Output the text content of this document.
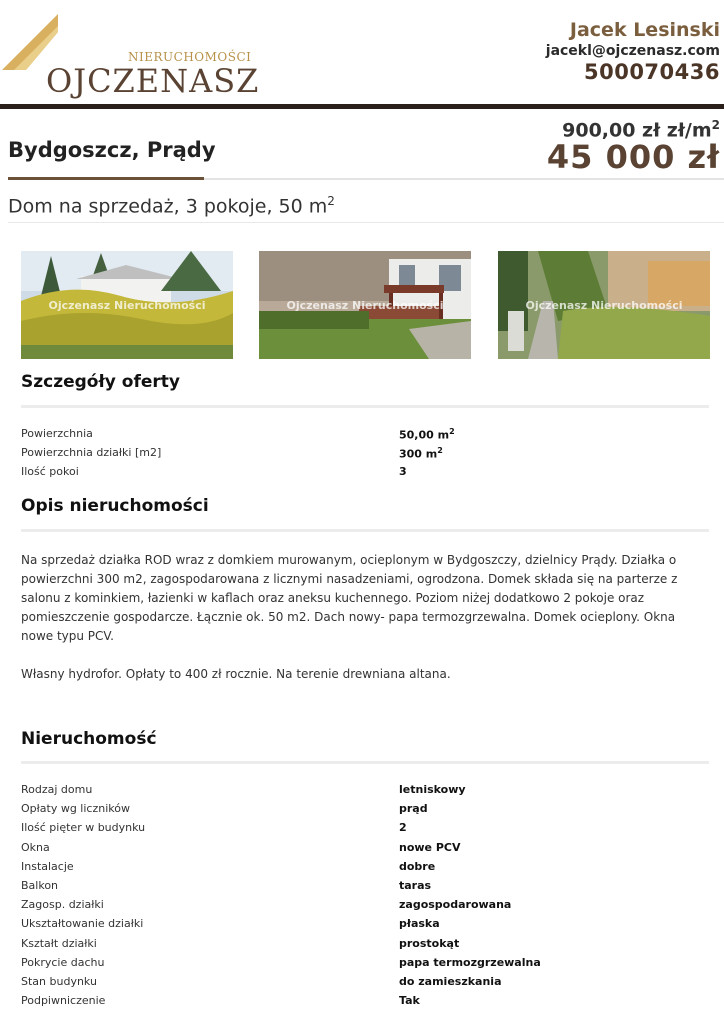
NIERUCHOMOŚCI
OJCZENASZ
Jacek Lesinski
jacekl@ojczenasz.com
500070436
Bydgoszcz, Prądy
900,00 zł $zł/m^2$
45 000 zł
Dom na sprzedaż, 3 pokoje, 50 $m^2$
Ojczenasz Nieruchomości	Ojczenasz Nieruchomości	Ojczenasz Nieruchomości
Szczegóły oferty
Powierzchnia	50,00 $m^2$
Powierzchnia działki [m2]	300 $m^2$
Ilość pokoi	3
Opis nieruchomości

Na sprzedaż działka ROD wraz z domkiem murowanym, ocieplonym w Bydgoszczy, dzielnicy Prądy. Działka o powierzchni 300 m2, zagospodarowana z licznymi nasadzeniami, ogrodzona. Domek składa się na parterze z salonu z kominkiem, łazienki w kaflach oraz aneksu kuchennego. Poziom niżej dodatkowo 2 pokoje oraz pomieszczenie gospodarcze. Łącznie ok. 50 m2. Dach nowy- papa termozgrzewalna. Domek ocieplony. Okna nowe typu PCV.

Własny hydrofor. Opłaty to 400 zł rocznie. Na terenie drewniana altana.

Nieruchomość
Rodzaj domu	letniskowy
Opłaty wg liczników	prąd
Ilość pięter w budynku	2
Okna	nowe PCV
Instalacje	dobre
Balkon	taras
Zagosp. działki	zagospodarowana
Ukształtowanie działki	płaska
Kształt działki	prostokąt
Pokrycie dachu	papa termozgrzewalna
Stan budynku	do zamieszkania
Podpiwniczenie	Tak
